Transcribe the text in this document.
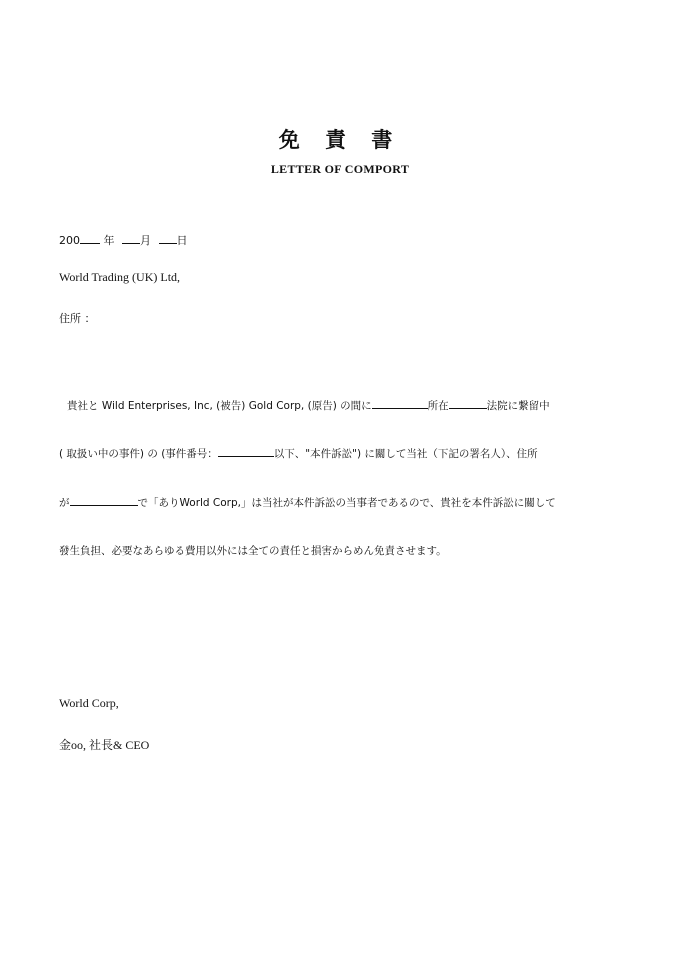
免 責 書
LETTER OF COMPORT
200 年 月 日
World Trading (UK) Ltd,
住所 ：
貴社と Wild Enterprises, Inc, (被告) Gold Corp, (原告) の間に	所在	法院に繋留中
( 取扱い中の事件) の (事件番号：	以下、"本件訴訟") に關して当社（下記の署名人）、住所
が	で「ありWorld Corp,」は当社が本件訴訟の当事者であるので、貴社を本件訴訟に關して
發生負担、必要なあらゆる費用以外には全ての責任と損害からめん免責させます。
World Corp,
金oo, 社長& CEO
